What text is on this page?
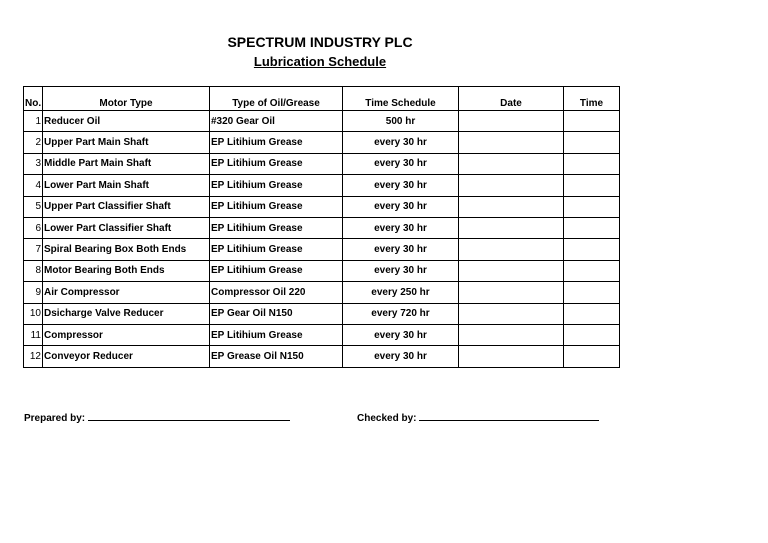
SPECTRUM INDUSTRY PLC
Lubrication Schedule
No.	Motor Type	Type of Oil/Grease	Time Schedule	Date	Time
1	Reducer Oil	#320 Gear Oil	500 hr		
2	Upper Part Main Shaft	EP Litihium Grease	every 30 hr		
3	Middle Part Main Shaft	EP Litihium Grease	every 30 hr		
4	Lower Part Main Shaft	EP Litihium Grease	every 30 hr		
5	Upper Part Classifier Shaft	EP Litihium Grease	every 30 hr		
6	Lower Part Classifier Shaft	EP Litihium Grease	every 30 hr		
7	Spiral Bearing Box Both Ends	EP Litihium Grease	every 30 hr		
8	Motor Bearing Both Ends	EP Litihium Grease	every 30 hr		
9	Air Compressor	Compressor Oil 220	every 250 hr		
10	Dsicharge Valve Reducer	EP Gear Oil N150	every 720 hr		
11	Compressor	EP Litihium Grease	every 30 hr		
12	Conveyor Reducer	EP Grease Oil N150	every 30 hr		
Prepared by:	Checked by:
